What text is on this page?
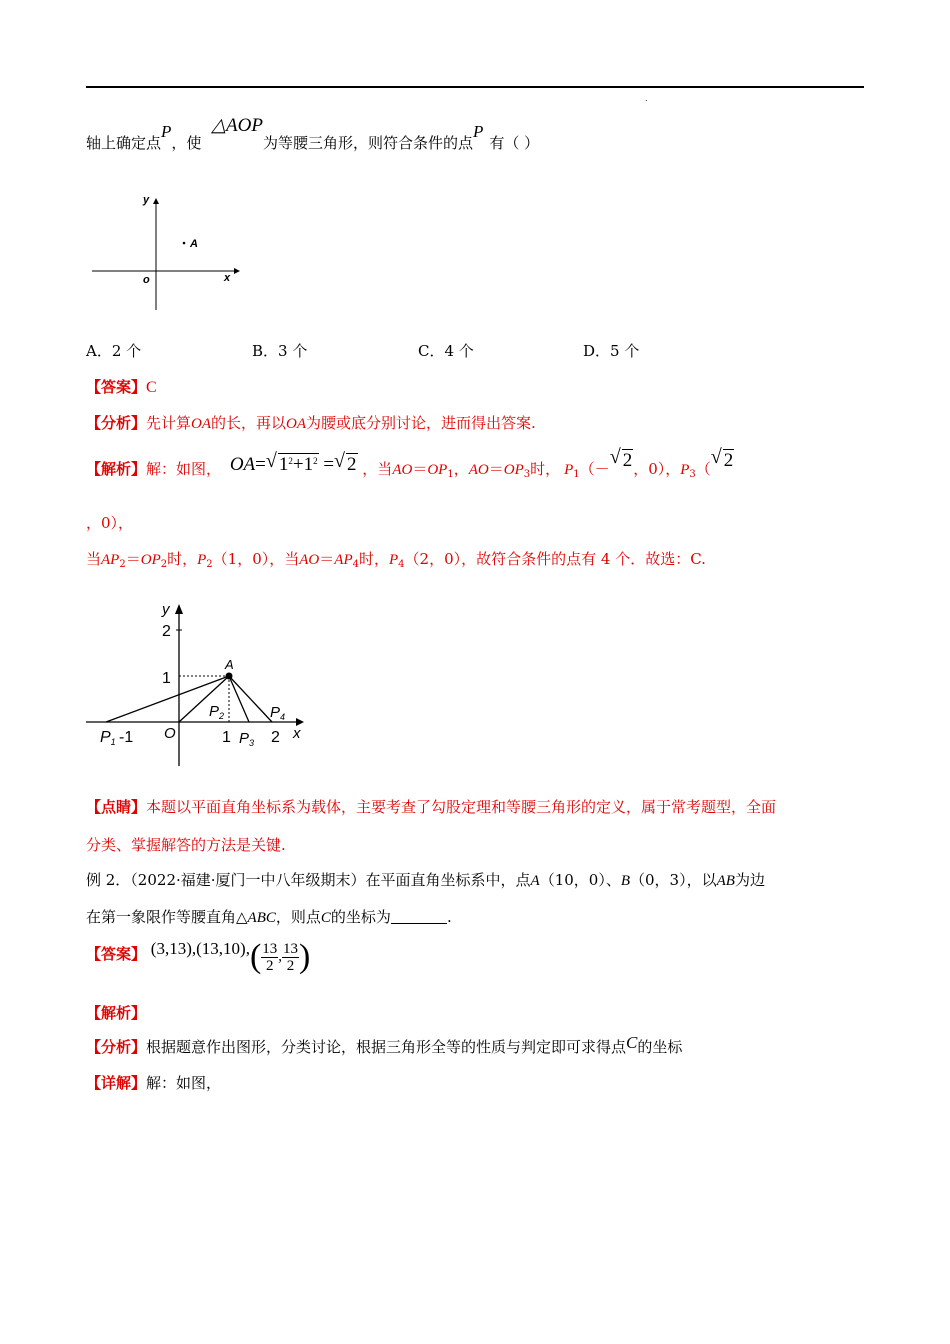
.
轴上确定点P，使△AOP为等腰三角形，则符合条件的点P有（ ）
y
x
o
A
A．2 个	B．3 个	C．4 个	D．5 个
【答案】C
【分析】先计算OA的长，再以OA为腰或底分别讨论，进而得出答案.
【解析】解：如图， OA=√ $1^2+1^2$ =√ 2 ，当$AO=OP_1$，$AO=OP_3$时， $P_1(-√$ 2，0），$P_3(√$ 2
，0），
当$AP_2=OP_2$时，$P_2(1$，0），当$AO=AP_4$时，$P_4(2$，0），故符合条件的点有 4 个．故选：C.
y
x
2
1
A
O
P1 -1
$P_2$
1 $P_3$ 2
$P_4$
【点睛】本题以平面直角坐标系为载体，主要考查了勾股定理和等腰三角形的定义，属于常考题型，全面
分类、掌握解答的方法是关键.
例 2．（2022·福建·厦门一中八年级期末）在平面直角坐标系中，点A（10，0）、B（0，3），以AB为边
在第一象限作等腰直角△ABC，则点C的坐标为	.
【答案】 $(3,13),(13,10),( \frac{13}{2}$ , $\frac{13}{2}$ )
【解析】
【分析】根据题意作出图形，分类讨论，根据三角形全等的性质与判定即可求得点C的坐标
【详解】解：如图，
